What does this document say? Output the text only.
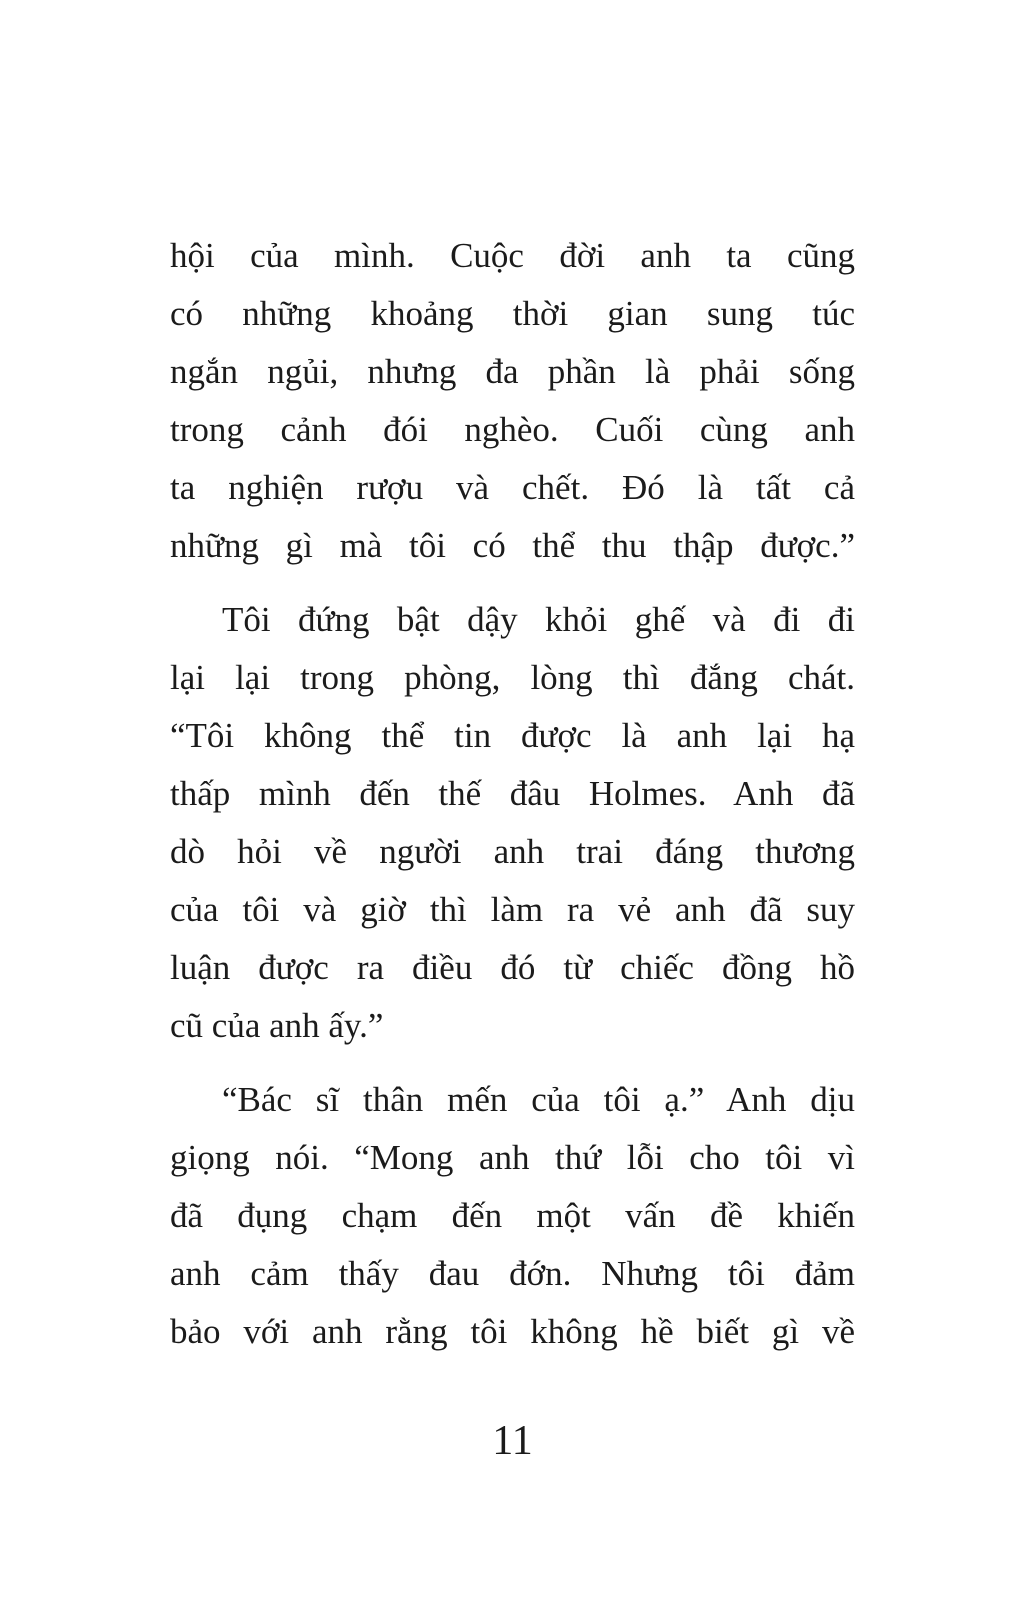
hội của mình. Cuộc đời anh ta cũng
có những khoảng thời gian sung túc
ngắn ngủi, nhưng đa phần là phải sống
trong cảnh đói nghèo. Cuối cùng anh
ta nghiện rượu và chết. Đó là tất cả
những gì mà tôi có thể thu thập được.”
Tôi đứng bật dậy khỏi ghế và đi đi
lại lại trong phòng, lòng thì đắng chát.
“Tôi không thể tin được là anh lại hạ
thấp mình đến thế đâu Holmes. Anh đã
dò hỏi về người anh trai đáng thương
của tôi và giờ thì làm ra vẻ anh đã suy
luận được ra điều đó từ chiếc đồng hồ
cũ của anh ấy.”
“Bác sĩ thân mến của tôi ạ.” Anh dịu
giọng nói. “Mong anh thứ lỗi cho tôi vì
đã đụng chạm đến một vấn đề khiến
anh cảm thấy đau đớn. Nhưng tôi đảm
bảo với anh rằng tôi không hề biết gì về
11
